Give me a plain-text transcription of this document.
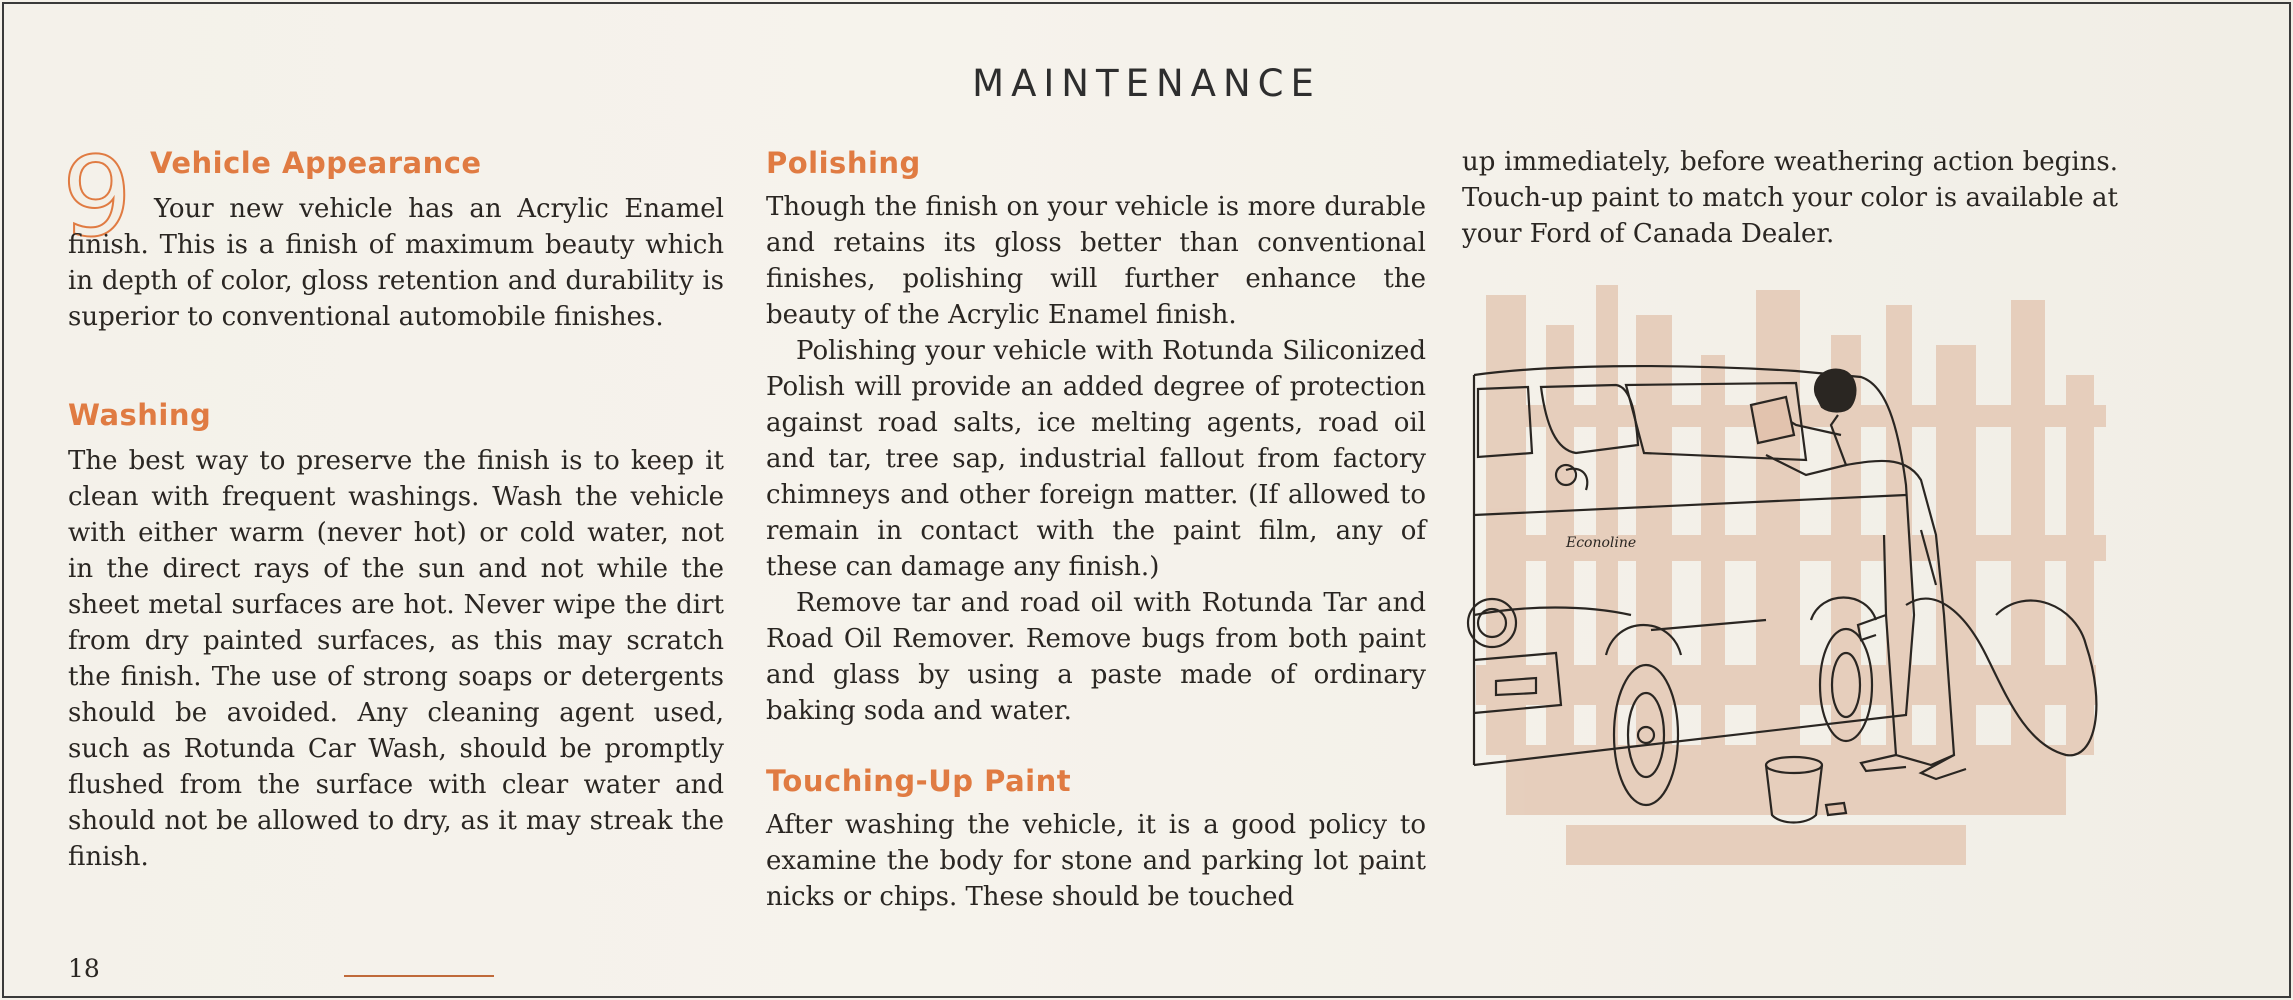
MAINTENANCE
9 Vehicle Appearance

Your new vehicle has an Acrylic Enamel finish. This is a finish of maximum beauty which in depth of color, gloss retention and durability is superior to conventional automobile finishes.

Washing

The best way to preserve the finish is to keep it clean with frequent washings. Wash the vehicle with either warm (never hot) or cold water, not in the direct rays of the sun and not while the sheet metal surfaces are hot. Never wipe the dirt from dry painted surfaces, as this may scratch the finish. The use of strong soaps or detergents should be avoided. Any cleaning agent used, such as Rotunda Car Wash, should be promptly flushed from the surface with clear water and should not be allowed to dry, as it may streak the finish.

Polishing

Though the finish on your vehicle is more durable and retains its gloss better than conventional finishes, polishing will further enhance the beauty of the Acrylic Enamel finish.

Polishing your vehicle with Rotunda Siliconized Polish will provide an added degree of protection against road salts, ice melting agents, road oil and tar, tree sap, industrial fallout from factory chimneys and other foreign matter. (If allowed to remain in contact with the paint film, any of these can damage any finish.)

Remove tar and road oil with Rotunda Tar and Road Oil Remover. Remove bugs from both paint and glass by using a paste made of ordinary baking soda and water.

Touching-Up Paint

After washing the vehicle, it is a good policy to examine the body for stone and parking lot paint nicks or chips. These should be touched

up immediately, before weathering action begins. Touch-up paint to match your color is available at your Ford of Canada Dealer.

Econoline
18
